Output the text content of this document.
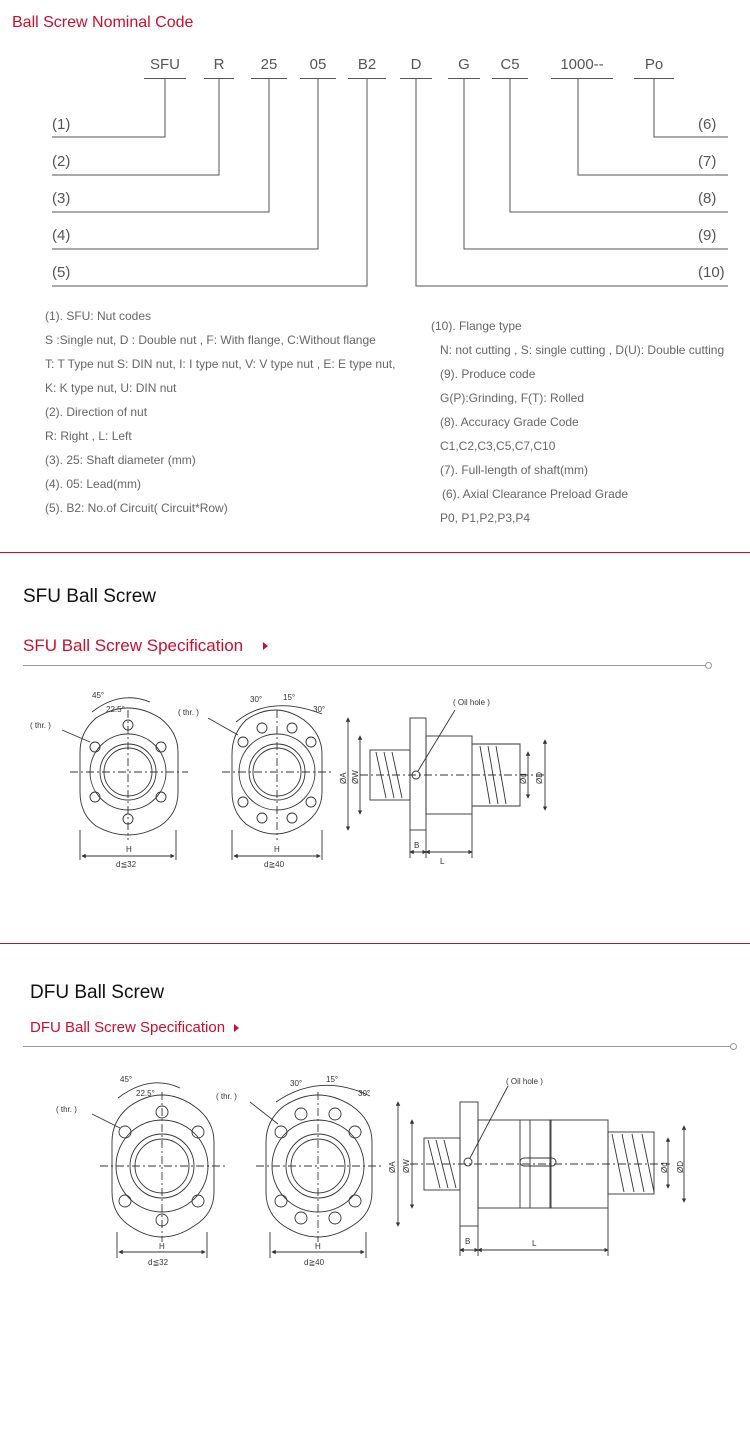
Ball Screw Nominal Code
SFU	R	25	05	B2	D	G	C5	1000--	Po
(1)
(2)
(3)
(4)
(5)
(6)
(7)
(8)
(9)
(10)
(1). SFU: Nut codes
S :Single nut, D : Double nut , F: With flange, C:Without flange
T: T Type nut S: DIN nut, I: I type nut, V: V type nut , E: E type nut,
K: K type nut, U: DIN nut
(2). Direction of nut
R: Right , L: Left
(3). 25: Shaft diameter (mm)
(4). 05: Lead(mm)
(5). B2: No.of Circuit( Circuit*Row)
(10). Flange type
N: not cutting , S: single cutting , D(U): Double cutting
(9). Produce code
G(P):Grinding, F(T): Rolled
(8). Accuracy Grade Code
C1,C2,C3,C5,C7,C10
(7). Full-length of shaft(mm)
(6). Axial Clearance Preload Grade
P0, P1,P2,P3,P4
SFU Ball Screw
SFU Ball Screw Specification
45°
22.5°
( thr. )
H
d≦32
30°	15°
30°
( thr. )
H
d≧40
( Oil hole )
ØA ØW	Ød ØD
B
L
DFU Ball Screw
DFU Ball Screw Specification
45°
22.5°
( thr. )
H
d≦32
30°	15°
30°
( thr. )
H
d≧40
( Oil hole )
ØA ØW	Ød ØD
B	L
